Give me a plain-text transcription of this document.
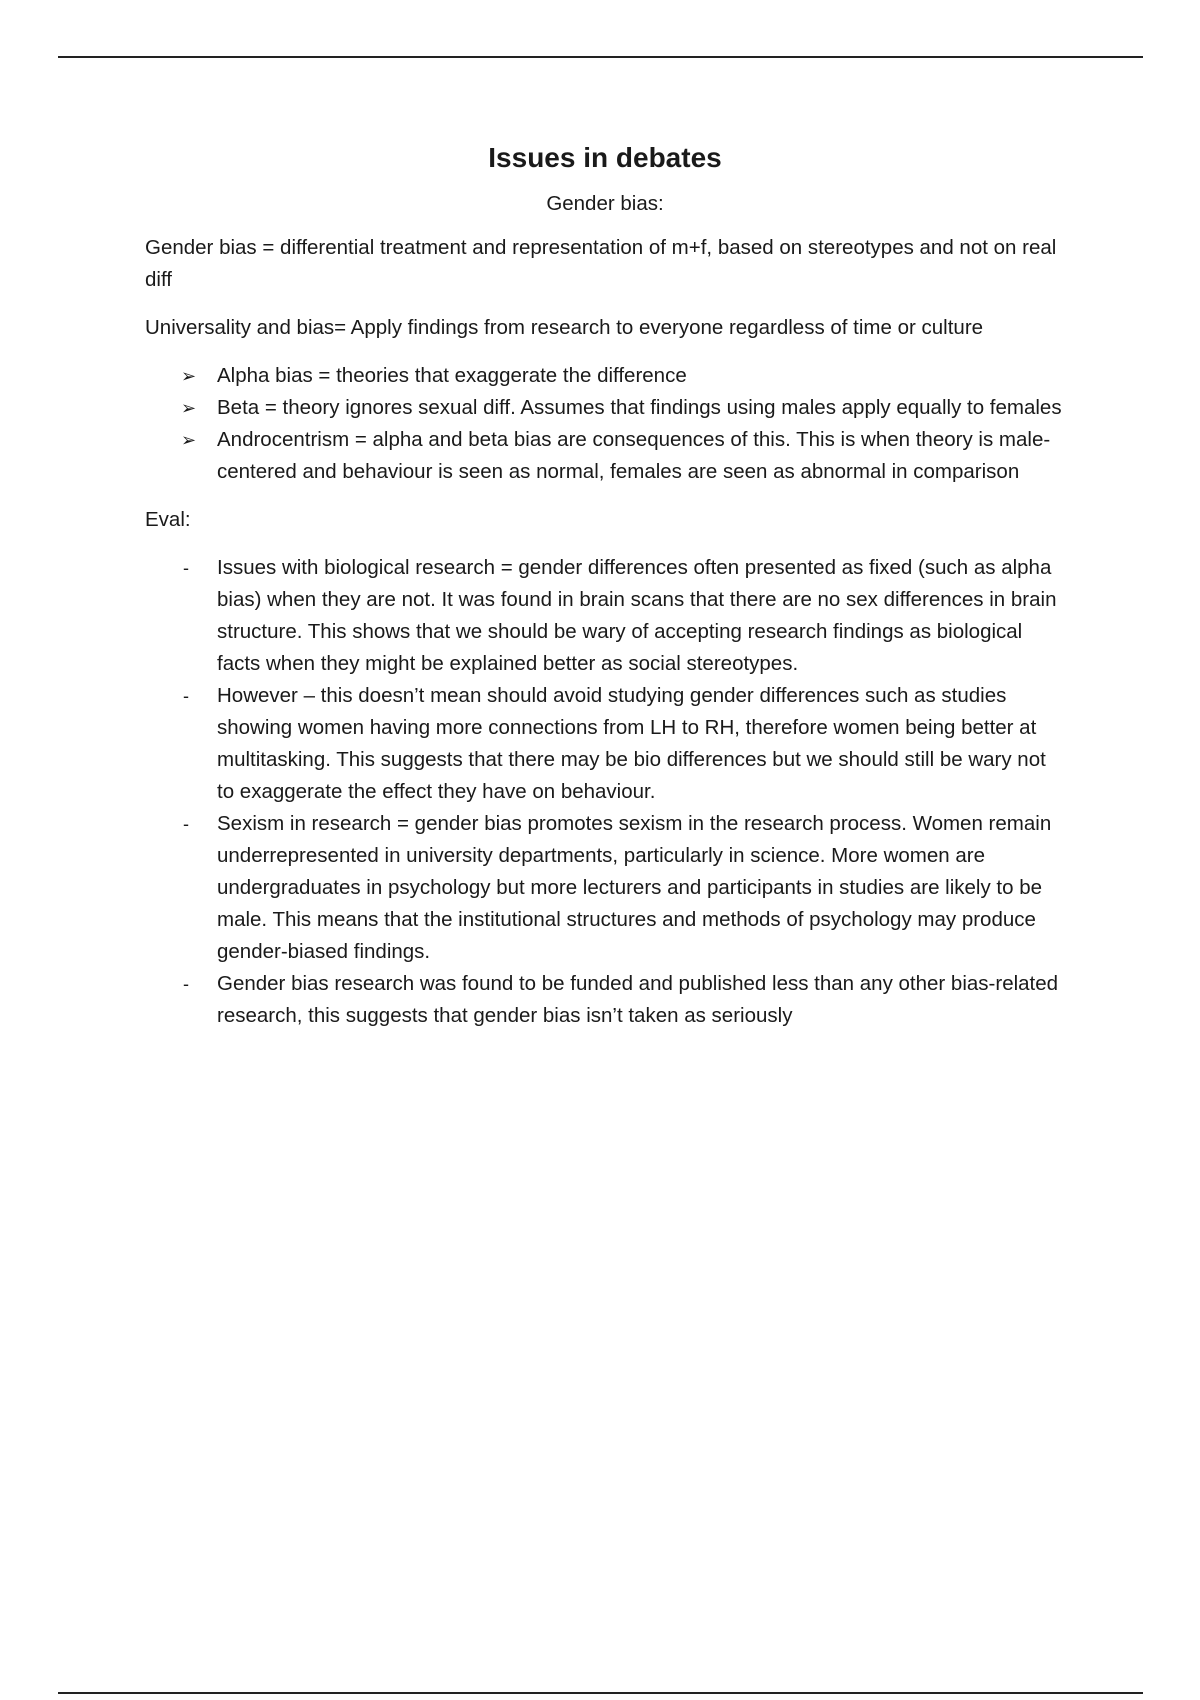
Issues in debates
Gender bias:

Gender bias = differential treatment and representation of m+f, based on stereotypes and not on real diff

Universality and bias= Apply findings from research to everyone regardless of time or culture

➢ Alpha bias = theories that exaggerate the difference
➢ Beta = theory ignores sexual diff. Assumes that findings using males apply equally to females
➢ Androcentrism = alpha and beta bias are consequences of this. This is when theory is male-centered and behaviour is seen as normal, females are seen as abnormal in comparison

Eval:

-	Issues with biological research = gender differences often presented as fixed (such as alpha bias) when they are not. It was found in brain scans that there are no sex differences in brain structure. This shows that we should be wary of accepting research findings as biological facts when they might be explained better as social stereotypes.
-	However – this doesn’t mean should avoid studying gender differences such as studies showing women having more connections from LH to RH, therefore women being better at multitasking. This suggests that there may be bio differences but we should still be wary not to exaggerate the effect they have on behaviour.
-	Sexism in research = gender bias promotes sexism in the research process. Women remain underrepresented in university departments, particularly in science. More women are undergraduates in psychology but more lecturers and participants in studies are likely to be male. This means that the institutional structures and methods of psychology may produce gender-biased findings.
-	Gender bias research was found to be funded and published less than any other bias-related research, this suggests that gender bias isn’t taken as seriously
